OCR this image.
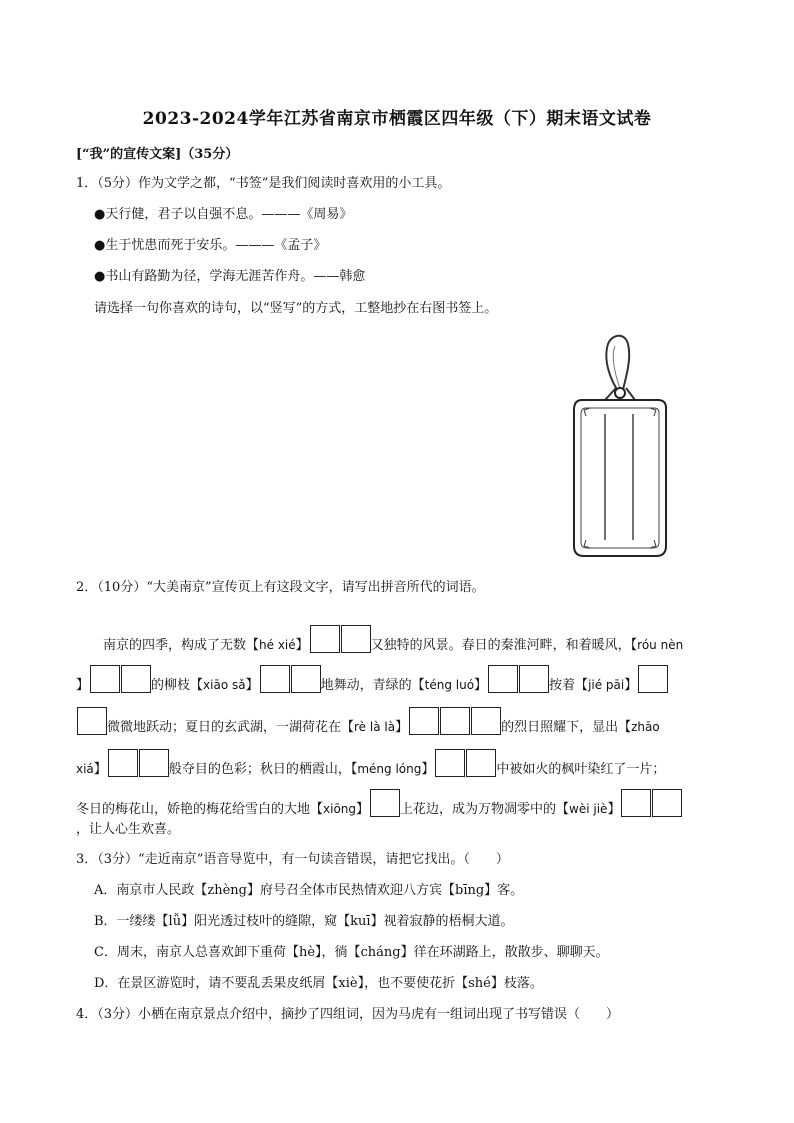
2023-2024学年江苏省南京市栖霞区四年级（下）期末语文试卷
[“我”的宣传文案]（35分）
1．（5分）作为文学之都，“书签”是我们阅读时喜欢用的小工具。
●天行健，君子以自强不息。———《周易》
●生于忧患而死于安乐。———《孟子》
●书山有路勤为径，学海无涯苦作舟。——韩愈
请选择一句你喜欢的诗句，以“竖写”的方式，工整地抄在右图书签上。
2．（10分）“大美南京”宣传页上有这段文字，请写出拼音所代的词语。
南京的四季，构成了无数【hé xié】	又独特的风景。春日的秦淮河畔，和着暖风，【róu nèn
】	的柳枝【xiāo sǎ】	地舞动，青绿的【téng luó】	按着【jié pāi】
微微地跃动；夏日的玄武湖，一湖荷花在【rè là là】	的烈日照耀下，显出【zhāo
xiá】	般夺目的色彩；秋日的栖霞山，【méng lóng】	中被如火的枫叶染红了一片；
冬日的梅花山，娇艳的梅花给雪白的大地【xiōng】 上花边，成为万物凋零中的【wèi jiè】
，让人心生欢喜。
3．（3分）“走近南京”语音导览中，有一句读音错误，请把它找出。（　　）
A．南京市人民政【zhèng】府号召全体市民热情欢迎八方宾【bīng】客。
B．一缕缕【lǚ】阳光透过枝叶的缝隙，窥【kuī】视着寂静的梧桐大道。
C．周末，南京人总喜欢卸下重荷【hè】，徜【cháng】徉在环湖路上，散散步、聊聊天。
D．在景区游览时，请不要乱丢果皮纸屑【xiè】，也不要使花折【shé】枝落。
4．（3分）小栖在南京景点介绍中，摘抄了四组词，因为马虎有一组词出现了书写错误（　　）
